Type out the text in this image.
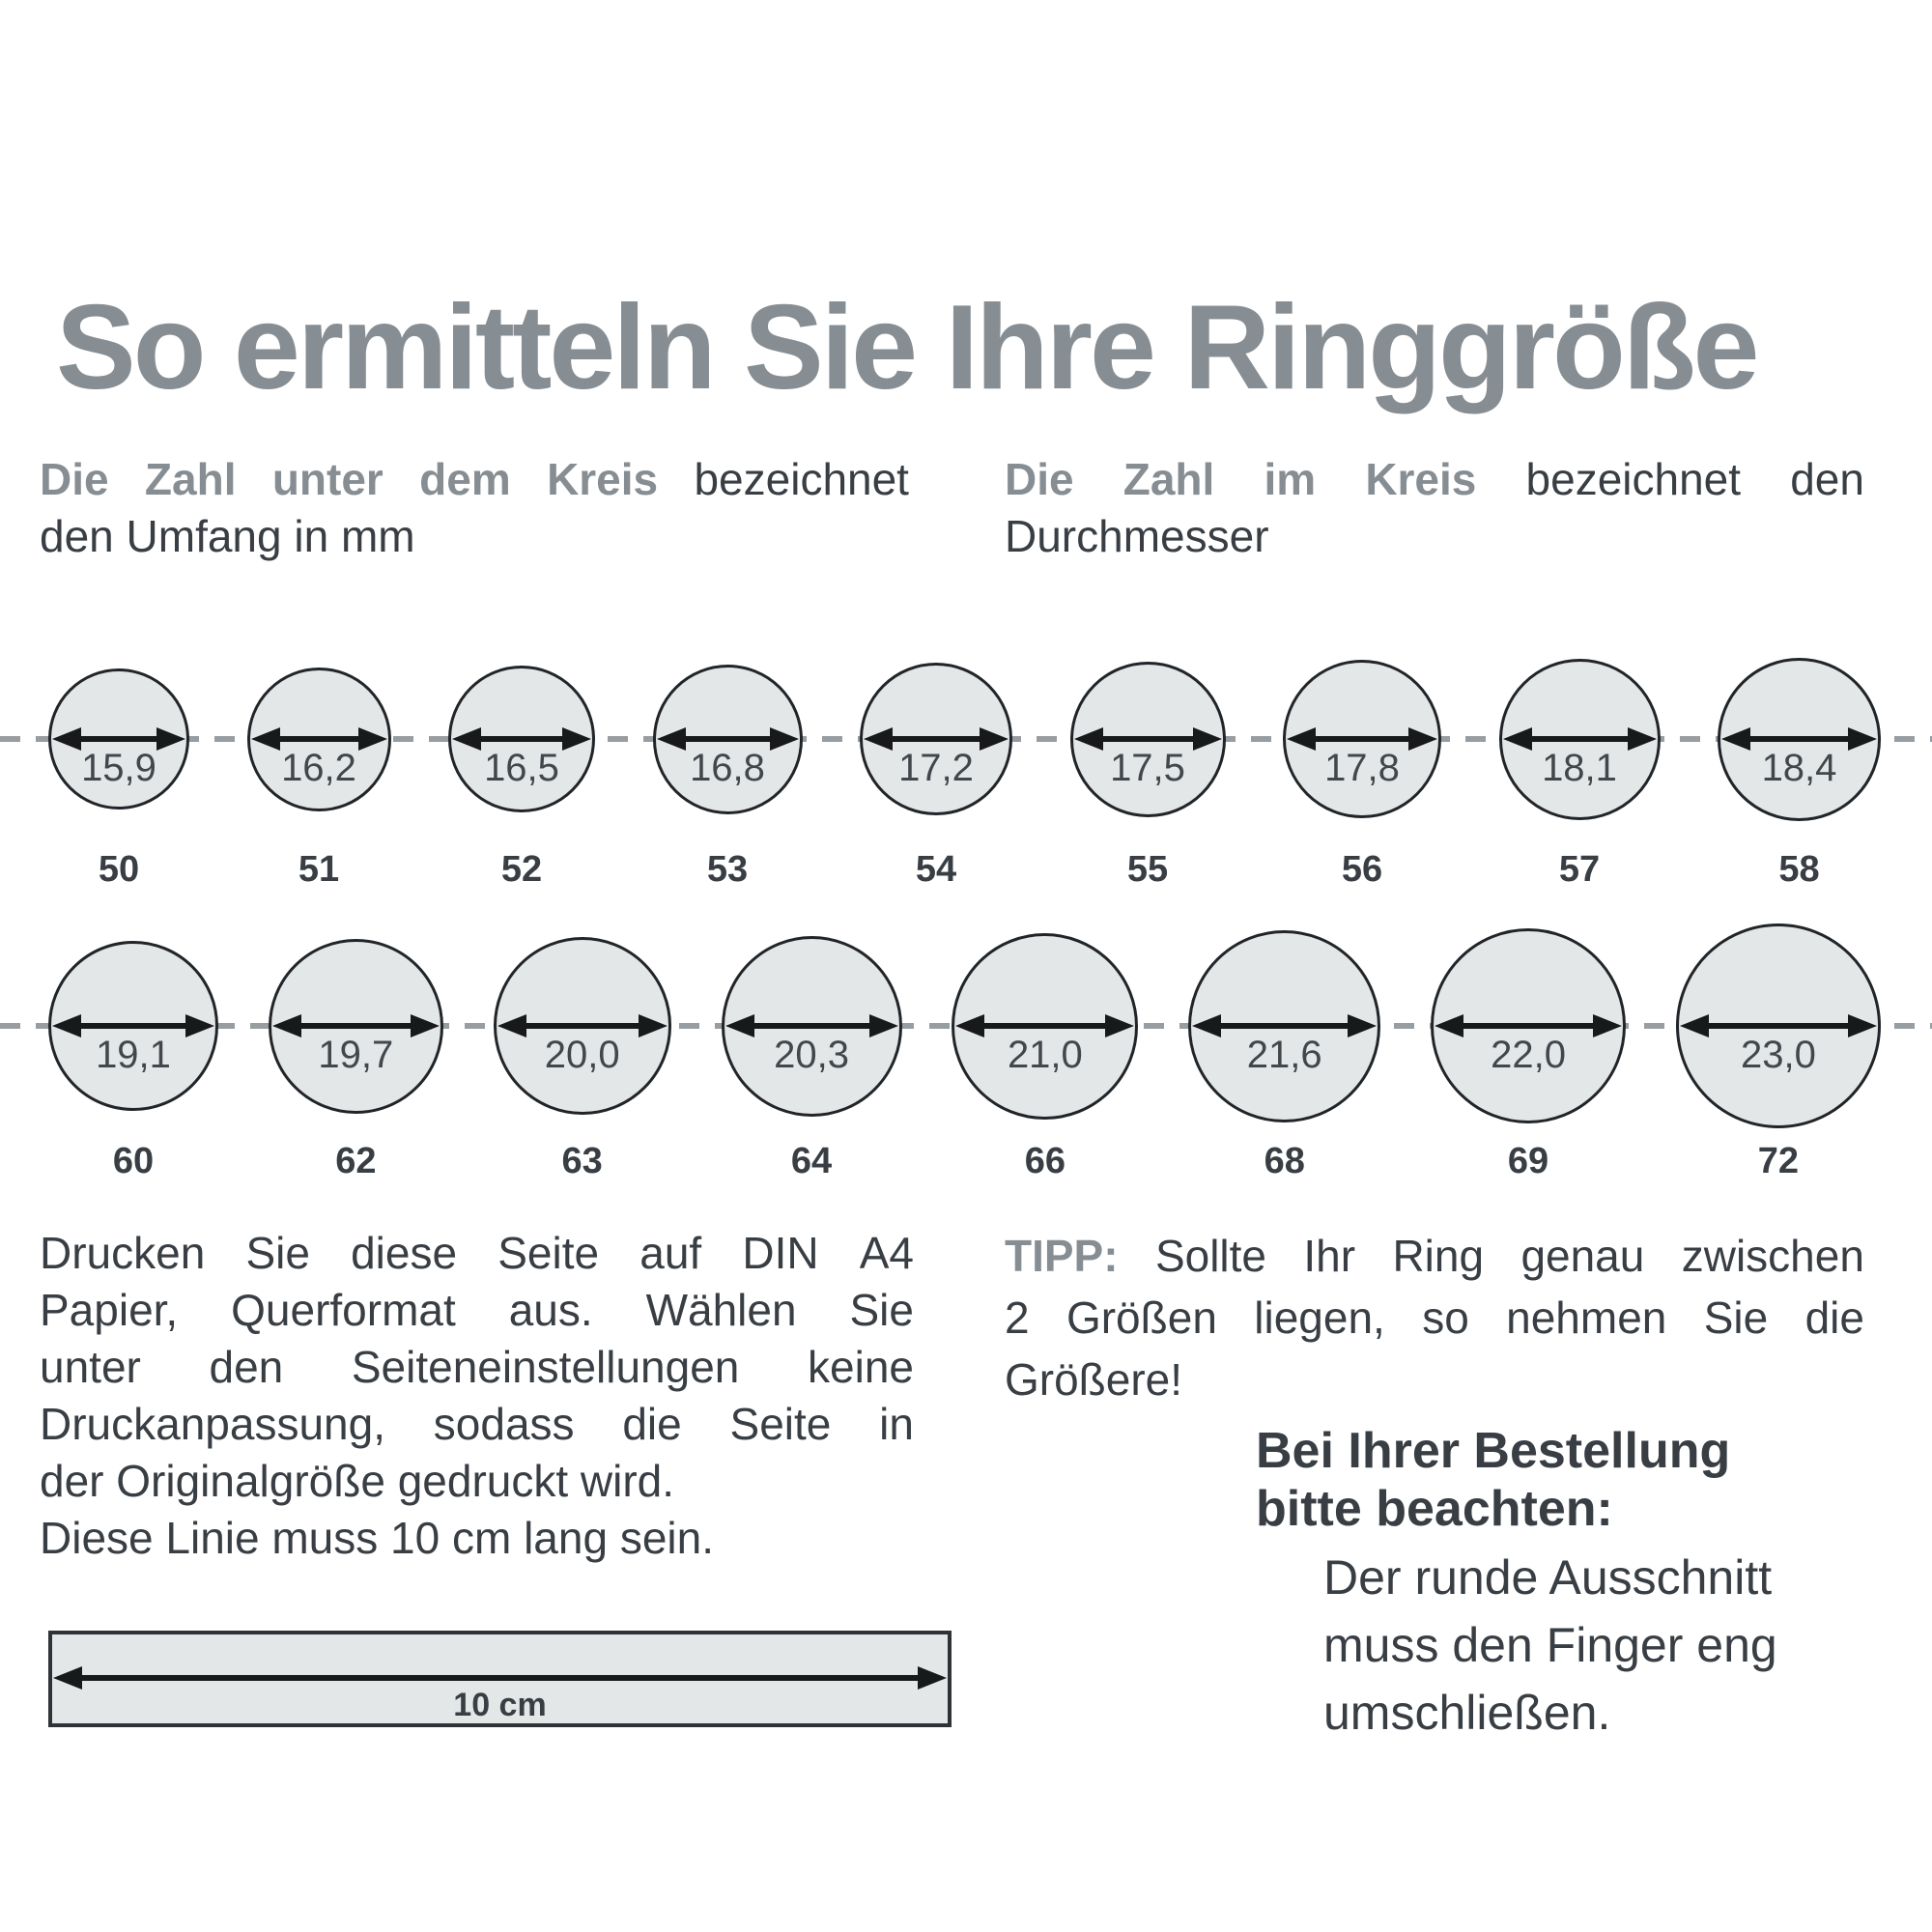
So ermitteln Sie Ihre Ringgröße
Die Zahl unter dem Kreis bezeichnet
den Umfang in mm
Die Zahl im Kreis bezeichnet den
Durchmesser
15,9
50
16,2
51
16,5
52
16,8
53
17,2
54
17,5
55
17,8
56
18,1
57
18,4
58
19,1
60
19,7
62
20,0
63
20,3
64
21,0
66
21,6
68
22,0
69
23,0
72
Drucken Sie diese Seite auf DIN A4
Papier, Querformat aus. Wählen Sie
unter den Seiteneinstellungen keine
Druckanpassung, sodass die Seite in
der Originalgröße gedruckt wird.
Diese Linie muss 10 cm lang sein.
TIPP: Sollte Ihr Ring genau zwischen
2 Größen liegen, so nehmen Sie die
Größere!
10 cm
Bei Ihrer Bestellung
bitte beachten:
Der runde Ausschnitt
muss den Finger eng
umschließen.
